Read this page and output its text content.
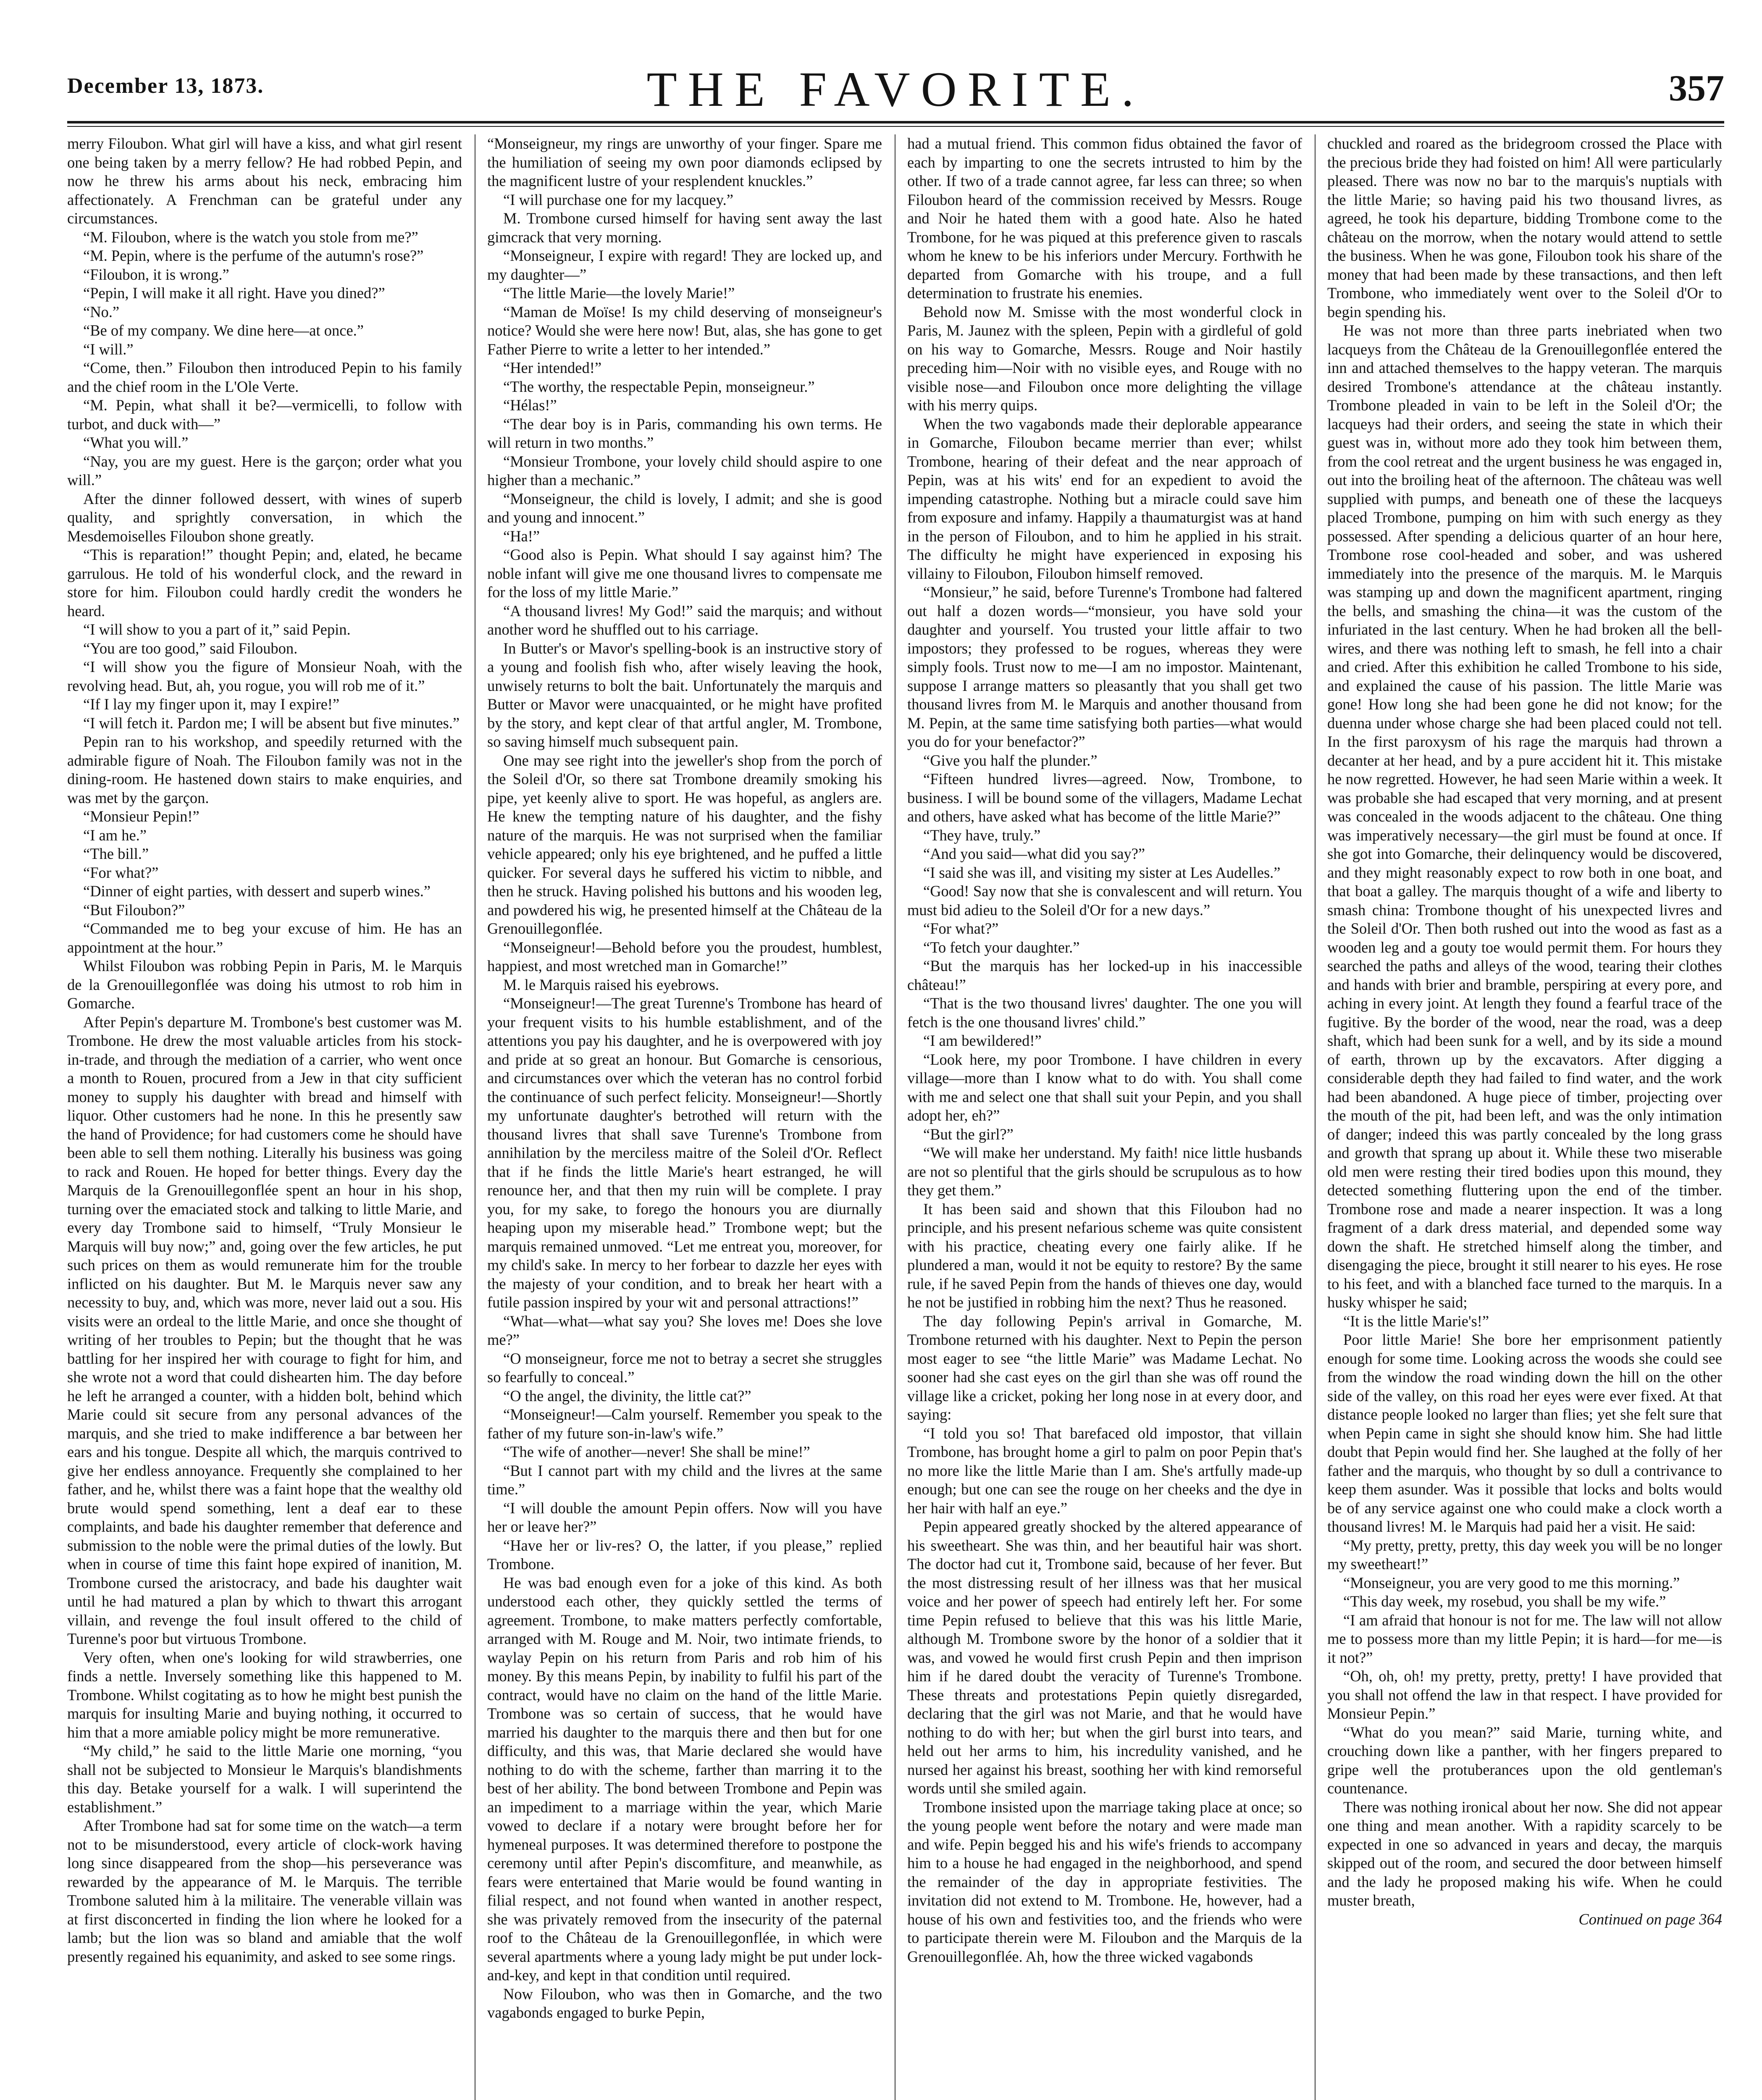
December 13, 1873.	THE FAVORITE.	357

merry Filoubon. What girl will have a kiss, and what girl resent one being taken by a merry fellow? He had robbed Pepin, and now he threw his arms about his neck, embracing him affectionately. A Frenchman can be grateful under any circumstances.

“M. Filoubon, where is the watch you stole from me?”

“M. Pepin, where is the perfume of the autumn's rose?”

“Filoubon, it is wrong.”

“Pepin, I will make it all right. Have you dined?”

“No.”

“Be of my company. We dine here—at once.”

“I will.”

“Come, then.” Filoubon then introduced Pepin to his family and the chief room in the L'Ole Verte.

“M. Pepin, what shall it be?—vermicelli, to follow with turbot, and duck with—”

“What you will.”

“Nay, you are my guest. Here is the garçon; order what you will.”

After the dinner followed dessert, with wines of superb quality, and sprightly conversation, in which the Mesdemoiselles Filoubon shone greatly.

“This is reparation!” thought Pepin; and, elated, he became garrulous. He told of his wonderful clock, and the reward in store for him. Filoubon could hardly credit the wonders he heard.

“I will show to you a part of it,” said Pepin.

“You are too good,” said Filoubon.

“I will show you the figure of Monsieur Noah, with the revolving head. But, ah, you rogue, you will rob me of it.”

“If I lay my finger upon it, may I expire!”

“I will fetch it. Pardon me; I will be absent but five minutes.”

Pepin ran to his workshop, and speedily returned with the admirable figure of Noah. The Filoubon family was not in the dining-room. He hastened down stairs to make enquiries, and was met by the garçon.

“Monsieur Pepin!”

“I am he.”

“The bill.”

“For what?”

“Dinner of eight parties, with dessert and superb wines.”

“But Filoubon?”

“Commanded me to beg your excuse of him. He has an appointment at the hour.”

Whilst Filoubon was robbing Pepin in Paris, M. le Marquis de la Grenouillegonflée was doing his utmost to rob him in Gomarche.

After Pepin's departure M. Trombone's best customer was M. Trombone. He drew the most valuable articles from his stock-in-trade, and through the mediation of a carrier, who went once a month to Rouen, procured from a Jew in that city sufficient money to supply his daughter with bread and himself with liquor. Other customers had he none. In this he presently saw the hand of Providence; for had customers come he should have been able to sell them nothing. Literally his business was going to rack and Rouen. He hoped for better things. Every day the Marquis de la Grenouillegonflée spent an hour in his shop, turning over the emaciated stock and talking to little Marie, and every day Trombone said to himself, “Truly Monsieur le Marquis will buy now;” and, going over the few articles, he put such prices on them as would remunerate him for the trouble inflicted on his daughter. But M. le Marquis never saw any necessity to buy, and, which was more, never laid out a sou. His visits were an ordeal to the little Marie, and once she thought of writing of her troubles to Pepin; but the thought that he was battling for her inspired her with courage to fight for him, and she wrote not a word that could dishearten him. The day before he left he arranged a counter, with a hidden bolt, behind which Marie could sit secure from any personal advances of the marquis, and she tried to make indifference a bar between her ears and his tongue. Despite all which, the marquis contrived to give her endless annoyance. Frequently she complained to her father, and he, whilst there was a faint hope that the wealthy old brute would spend something, lent a deaf ear to these complaints, and bade his daughter remember that deference and submission to the noble were the primal duties of the lowly. But when in course of time this faint hope expired of inanition, M. Trombone cursed the aristocracy, and bade his daughter wait until he had matured a plan by which to thwart this arrogant villain, and revenge the foul insult offered to the child of Turenne's poor but virtuous Trombone.

Very often, when one's looking for wild strawberries, one finds a nettle. Inversely something like this happened to M. Trombone. Whilst cogitating as to how he might best punish the marquis for insulting Marie and buying nothing, it occurred to him that a more amiable policy might be more remunerative.

“My child,” he said to the little Marie one morning, “you shall not be subjected to Monsieur le Marquis's blandishments this day. Betake yourself for a walk. I will superintend the establishment.”

After Trombone had sat for some time on the watch—a term not to be misunderstood, every article of clock-work having long since disappeared from the shop—his perseverance was rewarded by the appearance of M. le Marquis. The terrible Trombone saluted him à la militaire. The venerable villain was at first disconcerted in finding the lion where he looked for a lamb; but the lion was so bland and amiable that the wolf presently regained his equanimity, and asked to see some rings.

“Monseigneur, my rings are unworthy of your finger. Spare me the humiliation of seeing my own poor diamonds eclipsed by the magnificent lustre of your resplendent knuckles.”

“I will purchase one for my lacquey.”

M. Trombone cursed himself for having sent away the last gimcrack that very morning.

“Monseigneur, I expire with regard! They are locked up, and my daughter—”

“The little Marie—the lovely Marie!”

“Maman de Moïse! Is my child deserving of monseigneur's notice? Would she were here now! But, alas, she has gone to get Father Pierre to write a letter to her intended.”

“Her intended!”

“The worthy, the respectable Pepin, monseigneur.”

“Hélas!”

“The dear boy is in Paris, commanding his own terms. He will return in two months.”

“Monsieur Trombone, your lovely child should aspire to one higher than a mechanic.”

“Monseigneur, the child is lovely, I admit; and she is good and young and innocent.”

“Ha!”

“Good also is Pepin. What should I say against him? The noble infant will give me one thousand livres to compensate me for the loss of my little Marie.”

“A thousand livres! My God!” said the marquis; and without another word he shuffled out to his carriage.

In Butter's or Mavor's spelling-book is an instructive story of a young and foolish fish who, after wisely leaving the hook, unwisely returns to bolt the bait. Unfortunately the marquis and Butter or Mavor were unacquainted, or he might have profited by the story, and kept clear of that artful angler, M. Trombone, so saving himself much subsequent pain.

One may see right into the jeweller's shop from the porch of the Soleil d'Or, so there sat Trombone dreamily smoking his pipe, yet keenly alive to sport. He was hopeful, as anglers are. He knew the tempting nature of his daughter, and the fishy nature of the marquis. He was not surprised when the familiar vehicle appeared; only his eye brightened, and he puffed a little quicker. For several days he suffered his victim to nibble, and then he struck. Having polished his buttons and his wooden leg, and powdered his wig, he presented himself at the Château de la Grenouillegonflée.

“Monseigneur!—Behold before you the proudest, humblest, happiest, and most wretched man in Gomarche!”

M. le Marquis raised his eyebrows.

“Monseigneur!—The great Turenne's Trombone has heard of your frequent visits to his humble establishment, and of the attentions you pay his daughter, and he is overpowered with joy and pride at so great an honour. But Gomarche is censorious, and circumstances over which the veteran has no control forbid the continuance of such perfect felicity. Monseigneur!—Shortly my unfortunate daughter's betrothed will return with the thousand livres that shall save Turenne's Trombone from annihilation by the merciless maitre of the Soleil d'Or. Reflect that if he finds the little Marie's heart estranged, he will renounce her, and that then my ruin will be complete. I pray you, for my sake, to forego the honours you are diurnally heaping upon my miserable head.” Trombone wept; but the marquis remained unmoved. “Let me entreat you, moreover, for my child's sake. In mercy to her forbear to dazzle her eyes with the majesty of your condition, and to break her heart with a futile passion inspired by your wit and personal attractions!”

“What—what—what say you? She loves me! Does she love me?”

“O monseigneur, force me not to betray a secret she struggles so fearfully to conceal.”

“O the angel, the divinity, the little cat?”

“Monseigneur!—Calm yourself. Remember you speak to the father of my future son-in-law's wife.”

“The wife of another—never! She shall be mine!”

“But I cannot part with my child and the livres at the same time.”

“I will double the amount Pepin offers. Now will you have her or leave her?”

“Have her or liv-res? O, the latter, if you please,” replied Trombone.

He was bad enough even for a joke of this kind. As both understood each other, they quickly settled the terms of agreement. Trombone, to make matters perfectly comfortable, arranged with M. Rouge and M. Noir, two intimate friends, to waylay Pepin on his return from Paris and rob him of his money. By this means Pepin, by inability to fulfil his part of the contract, would have no claim on the hand of the little Marie. Trombone was so certain of success, that he would have married his daughter to the marquis there and then but for one difficulty, and this was, that Marie declared she would have nothing to do with the scheme, farther than marring it to the best of her ability. The bond between Trombone and Pepin was an impediment to a marriage within the year, which Marie vowed to declare if a notary were brought before her for hymeneal purposes. It was determined therefore to postpone the ceremony until after Pepin's discomfiture, and meanwhile, as fears were entertained that Marie would be found wanting in filial respect, and not found when wanted in another respect, she was privately removed from the insecurity of the paternal roof to the Château de la Grenouillegonflée, in which were several apartments where a young lady might be put under lock-and-key, and kept in that condition until required.

Now Filoubon, who was then in Gomarche, and the two vagabonds engaged to burke Pepin,

had a mutual friend. This common fidus obtained the favor of each by imparting to one the secrets intrusted to him by the other. If two of a trade cannot agree, far less can three; so when Filoubon heard of the commission received by Messrs. Rouge and Noir he hated them with a good hate. Also he hated Trombone, for he was piqued at this preference given to rascals whom he knew to be his inferiors under Mercury. Forthwith he departed from Gomarche with his troupe, and a full determination to frustrate his enemies.

Behold now M. Smisse with the most wonderful clock in Paris, M. Jaunez with the spleen, Pepin with a girdleful of gold on his way to Gomarche, Messrs. Rouge and Noir hastily preceding him—Noir with no visible eyes, and Rouge with no visible nose—and Filoubon once more delighting the village with his merry quips.

When the two vagabonds made their deplorable appearance in Gomarche, Filoubon became merrier than ever; whilst Trombone, hearing of their defeat and the near approach of Pepin, was at his wits' end for an expedient to avoid the impending catastrophe. Nothing but a miracle could save him from exposure and infamy. Happily a thaumaturgist was at hand in the person of Filoubon, and to him he applied in his strait. The difficulty he might have experienced in exposing his villainy to Filoubon, Filoubon himself removed.

“Monsieur,” he said, before Turenne's Trombone had faltered out half a dozen words—“monsieur, you have sold your daughter and yourself. You trusted your little affair to two impostors; they professed to be rogues, whereas they were simply fools. Trust now to me—I am no impostor. Maintenant, suppose I arrange matters so pleasantly that you shall get two thousand livres from M. le Marquis and another thousand from M. Pepin, at the same time satisfying both parties—what would you do for your benefactor?”

“Give you half the plunder.”

“Fifteen hundred livres—agreed. Now, Trombone, to business. I will be bound some of the villagers, Madame Lechat and others, have asked what has become of the little Marie?”

“They have, truly.”

“And you said—what did you say?”

“I said she was ill, and visiting my sister at Les Audelles.”

“Good! Say now that she is convalescent and will return. You must bid adieu to the Soleil d'Or for a new days.”

“For what?”

“To fetch your daughter.”

“But the marquis has her locked-up in his inaccessible château!”

“That is the two thousand livres' daughter. The one you will fetch is the one thousand livres' child.”

“I am bewildered!”

“Look here, my poor Trombone. I have children in every village—more than I know what to do with. You shall come with me and select one that shall suit your Pepin, and you shall adopt her, eh?”

“But the girl?”

“We will make her understand. My faith! nice little husbands are not so plentiful that the girls should be scrupulous as to how they get them.”

It has been said and shown that this Filoubon had no principle, and his present nefarious scheme was quite consistent with his practice, cheating every one fairly alike. If he plundered a man, would it not be equity to restore? By the same rule, if he saved Pepin from the hands of thieves one day, would he not be justified in robbing him the next? Thus he reasoned.

The day following Pepin's arrival in Gomarche, M. Trombone returned with his daughter. Next to Pepin the person most eager to see “the little Marie” was Madame Lechat. No sooner had she cast eyes on the girl than she was off round the village like a cricket, poking her long nose in at every door, and saying:

“I told you so! That barefaced old impostor, that villain Trombone, has brought home a girl to palm on poor Pepin that's no more like the little Marie than I am. She's artfully made-up enough; but one can see the rouge on her cheeks and the dye in her hair with half an eye.”

Pepin appeared greatly shocked by the altered appearance of his sweetheart. She was thin, and her beautiful hair was short. The doctor had cut it, Trombone said, because of her fever. But the most distressing result of her illness was that her musical voice and her power of speech had entirely left her. For some time Pepin refused to believe that this was his little Marie, although M. Trombone swore by the honor of a soldier that it was, and vowed he would first crush Pepin and then imprison him if he dared doubt the veracity of Turenne's Trombone. These threats and protestations Pepin quietly disregarded, declaring that the girl was not Marie, and that he would have nothing to do with her; but when the girl burst into tears, and held out her arms to him, his incredulity vanished, and he nursed her against his breast, soothing her with kind remorseful words until she smiled again.

Trombone insisted upon the marriage taking place at once; so the young people went before the notary and were made man and wife. Pepin begged his and his wife's friends to accompany him to a house he had engaged in the neighborhood, and spend the remainder of the day in appropriate festivities. The invitation did not extend to M. Trombone. He, however, had a house of his own and festivities too, and the friends who were to participate therein were M. Filoubon and the Marquis de la Grenouillegonflée. Ah, how the three wicked vagabonds

chuckled and roared as the bridegroom crossed the Place with the precious bride they had foisted on him! All were particularly pleased. There was now no bar to the marquis's nuptials with the little Marie; so having paid his two thousand livres, as agreed, he took his departure, bidding Trombone come to the château on the morrow, when the notary would attend to settle the business. When he was gone, Filoubon took his share of the money that had been made by these transactions, and then left Trombone, who immediately went over to the Soleil d'Or to begin spending his.

He was not more than three parts inebriated when two lacqueys from the Château de la Grenouillegonflée entered the inn and attached themselves to the happy veteran. The marquis desired Trombone's attendance at the château instantly. Trombone pleaded in vain to be left in the Soleil d'Or; the lacqueys had their orders, and seeing the state in which their guest was in, without more ado they took him between them, from the cool retreat and the urgent business he was engaged in, out into the broiling heat of the afternoon. The château was well supplied with pumps, and beneath one of these the lacqueys placed Trombone, pumping on him with such energy as they possessed. After spending a delicious quarter of an hour here, Trombone rose cool-headed and sober, and was ushered immediately into the presence of the marquis. M. le Marquis was stamping up and down the magnificent apartment, ringing the bells, and smashing the china—it was the custom of the infuriated in the last century. When he had broken all the bell-wires, and there was nothing left to smash, he fell into a chair and cried. After this exhibition he called Trombone to his side, and explained the cause of his passion. The little Marie was gone! How long she had been gone he did not know; for the duenna under whose charge she had been placed could not tell. In the first paroxysm of his rage the marquis had thrown a decanter at her head, and by a pure accident hit it. This mistake he now regretted. However, he had seen Marie within a week. It was probable she had escaped that very morning, and at present was concealed in the woods adjacent to the château. One thing was imperatively necessary—the girl must be found at once. If she got into Gomarche, their delinquency would be discovered, and they might reasonably expect to row both in one boat, and that boat a galley. The marquis thought of a wife and liberty to smash china: Trombone thought of his unexpected livres and the Soleil d'Or. Then both rushed out into the wood as fast as a wooden leg and a gouty toe would permit them. For hours they searched the paths and alleys of the wood, tearing their clothes and hands with brier and bramble, perspiring at every pore, and aching in every joint. At length they found a fearful trace of the fugitive. By the border of the wood, near the road, was a deep shaft, which had been sunk for a well, and by its side a mound of earth, thrown up by the excavators. After digging a considerable depth they had failed to find water, and the work had been abandoned. A huge piece of timber, projecting over the mouth of the pit, had been left, and was the only intimation of danger; indeed this was partly concealed by the long grass and growth that sprang up about it. While these two miserable old men were resting their tired bodies upon this mound, they detected something fluttering upon the end of the timber. Trombone rose and made a nearer inspection. It was a long fragment of a dark dress material, and depended some way down the shaft. He stretched himself along the timber, and disengaging the piece, brought it still nearer to his eyes. He rose to his feet, and with a blanched face turned to the marquis. In a husky whisper he said;

“It is the little Marie's!”

Poor little Marie! She bore her emprisonment patiently enough for some time. Looking across the woods she could see from the window the road winding down the hill on the other side of the valley, on this road her eyes were ever fixed. At that distance people looked no larger than flies; yet she felt sure that when Pepin came in sight she should know him. She had little doubt that Pepin would find her. She laughed at the folly of her father and the marquis, who thought by so dull a contrivance to keep them asunder. Was it possible that locks and bolts would be of any service against one who could make a clock worth a thousand livres! M. le Marquis had paid her a visit. He said:

“My pretty, pretty, pretty, this day week you will be no longer my sweetheart!”

“Monseigneur, you are very good to me this morning.”

“This day week, my rosebud, you shall be my wife.”

“I am afraid that honour is not for me. The law will not allow me to possess more than my little Pepin; it is hard—for me—is it not?”

“Oh, oh, oh! my pretty, pretty, pretty! I have provided that you shall not offend the law in that respect. I have provided for Monsieur Pepin.”

“What do you mean?” said Marie, turning white, and crouching down like a panther, with her fingers prepared to gripe well the protuberances upon the old gentleman's countenance.

There was nothing ironical about her now. She did not appear one thing and mean another. With a rapidity scarcely to be expected in one so advanced in years and decay, the marquis skipped out of the room, and secured the door between himself and the lady he proposed making his wife. When he could muster breath,

Continued on page 364
